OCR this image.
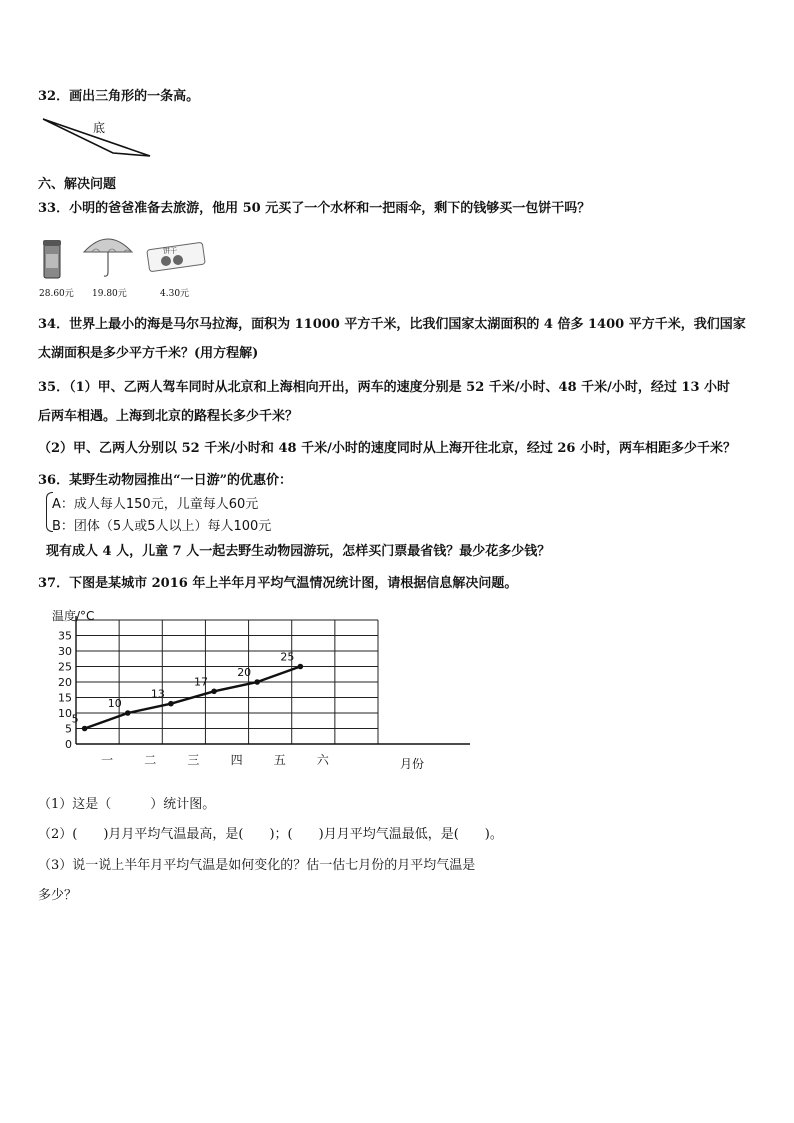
32．画出三角形的一条高。
底
六、解决问题
33．小明的爸爸准备去旅游，他用 50 元买了一个水杯和一把雨伞，剩下的钱够买一包饼干吗？
28.60元 19.80元	4.30元
饼干
34．世界上最小的海是马尔马拉海，面积为 11000 平方千米，比我们国家太湖面积的 4 倍多 1400 平方千米，我们国家
太湖面积是多少平方千米？(用方程解)
35．（1）甲、乙两人驾车同时从北京和上海相向开出，两车的速度分别是 52 千米/小时、48 千米/小时，经过 13 小时
后两车相遇。上海到北京的路程长多少千米？
（2）甲、乙两人分别以 52 千米/小时和 48 千米/小时的速度同时从上海开往北京，经过 26 小时，两车相距多少千米？
36．某野生动物园推出“一日游”的优惠价：
A：成人每人150元，儿童每人60元
B：团体（5人或5人以上）每人100元
现有成人 4 人，儿童 7 人一起去野生动物园游玩，怎样买门票最省钱？最少花多少钱？
37．下图是某城市 2016 年上半年月平均气温情况统计图，请根据信息解决问题。
温度/°C
月份
0
5
10
15
20
25
30
35
一	二	三	四	五	六
5
10
13
17
20
25
（1）这是（　　　）统计图。
（2）(　　)月月平均气温最高，是(　　)；(　　)月月平均气温最低，是(　　)。
（3）说一说上半年月平均气温是如何变化的？估一估七月份的月平均气温是
多少？
